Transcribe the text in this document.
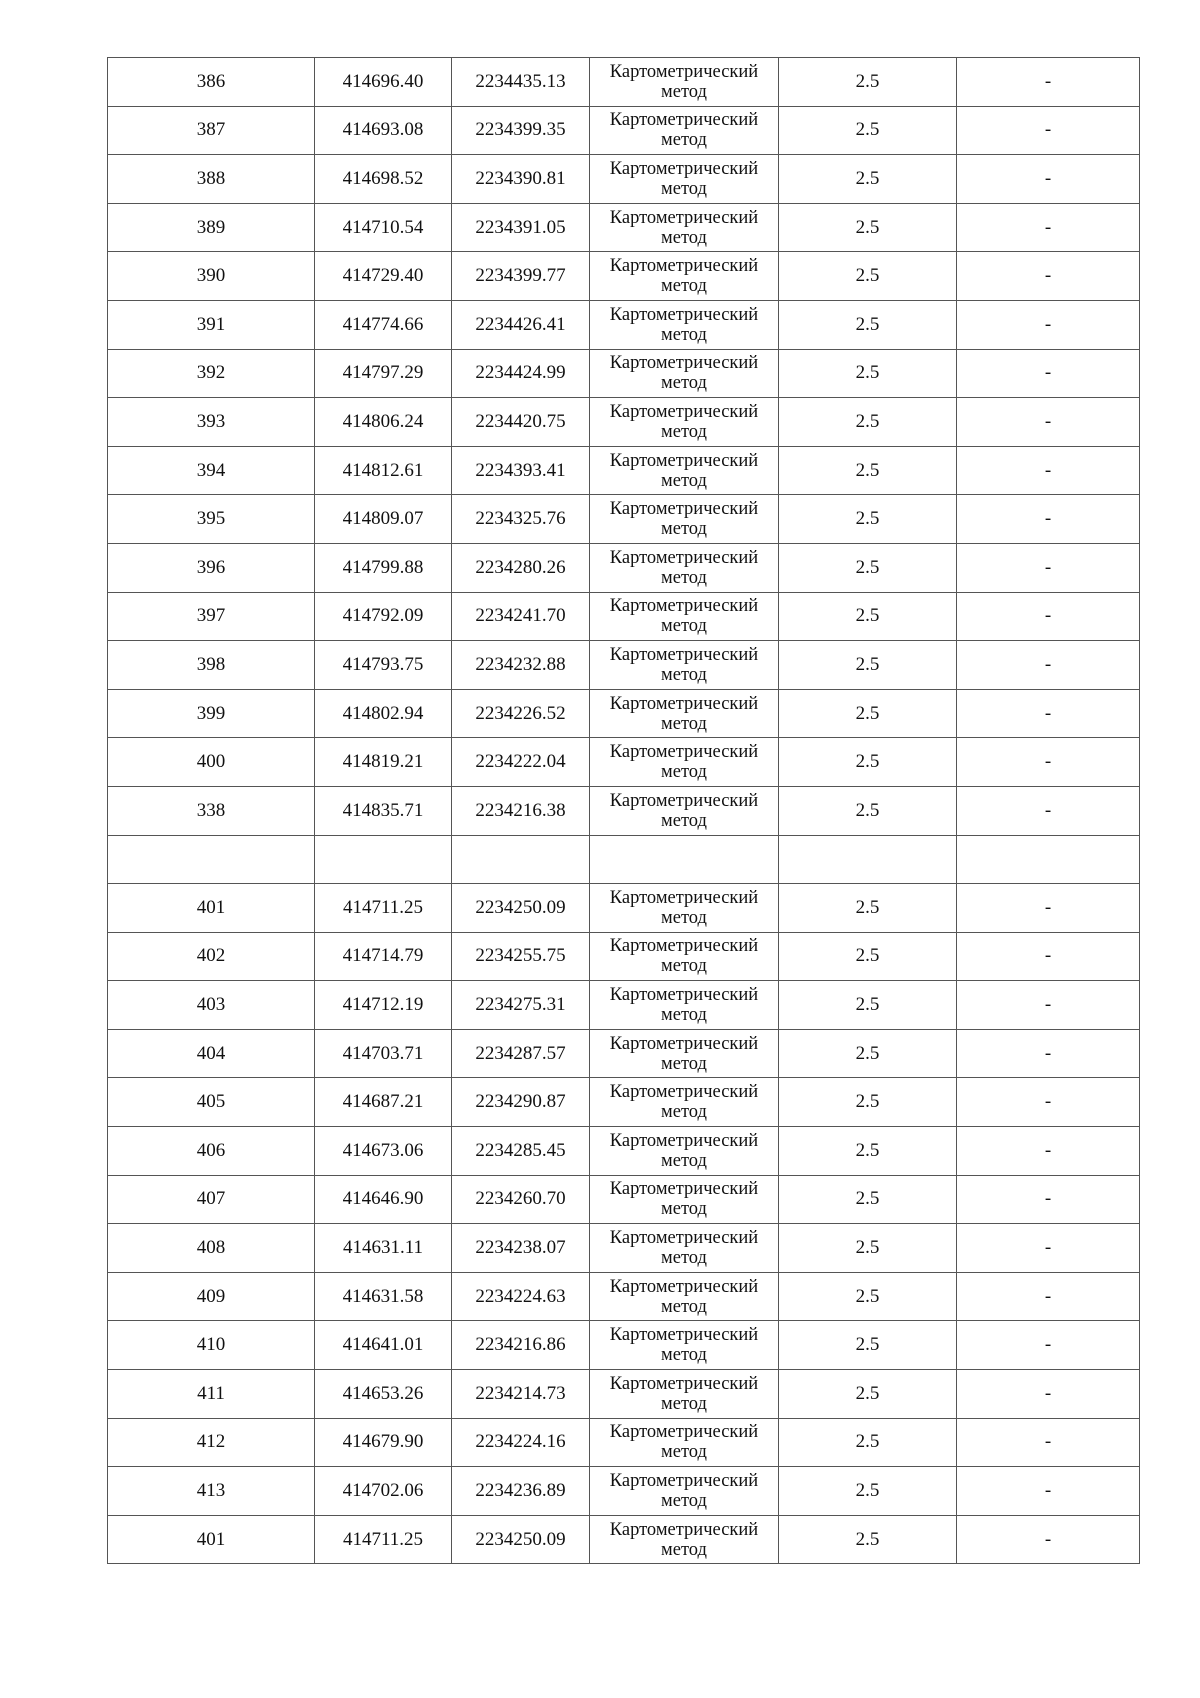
386	414696.40	2234435.13	Картометрический
метод	2.5	-
387	414693.08	2234399.35	Картометрический
метод	2.5	-
388	414698.52	2234390.81	Картометрический
метод	2.5	-
389	414710.54	2234391.05	Картометрический
метод	2.5	-
390	414729.40	2234399.77	Картометрический
метод	2.5	-
391	414774.66	2234426.41	Картометрический
метод	2.5	-
392	414797.29	2234424.99	Картометрический
метод	2.5	-
393	414806.24	2234420.75	Картометрический
метод	2.5	-
394	414812.61	2234393.41	Картометрический
метод	2.5	-
395	414809.07	2234325.76	Картометрический
метод	2.5	-
396	414799.88	2234280.26	Картометрический
метод	2.5	-
397	414792.09	2234241.70	Картометрический
метод	2.5	-
398	414793.75	2234232.88	Картометрический
метод	2.5	-
399	414802.94	2234226.52	Картометрический
метод	2.5	-
400	414819.21	2234222.04	Картометрический
метод	2.5	-
338	414835.71	2234216.38	Картометрический
метод	2.5	-

401	414711.25	2234250.09	Картометрический
метод	2.5	-
402	414714.79	2234255.75	Картометрический
метод	2.5	-
403	414712.19	2234275.31	Картометрический
метод	2.5	-
404	414703.71	2234287.57	Картометрический
метод	2.5	-
405	414687.21	2234290.87	Картометрический
метод	2.5	-
406	414673.06	2234285.45	Картометрический
метод	2.5	-
407	414646.90	2234260.70	Картометрический
метод	2.5	-
408	414631.11	2234238.07	Картометрический
метод	2.5	-
409	414631.58	2234224.63	Картометрический
метод	2.5	-
410	414641.01	2234216.86	Картометрический
метод	2.5	-
411	414653.26	2234214.73	Картометрический
метод	2.5	-
412	414679.90	2234224.16	Картометрический
метод	2.5	-
413	414702.06	2234236.89	Картометрический
метод	2.5	-
401	414711.25	2234250.09	Картометрический
метод	2.5	-
